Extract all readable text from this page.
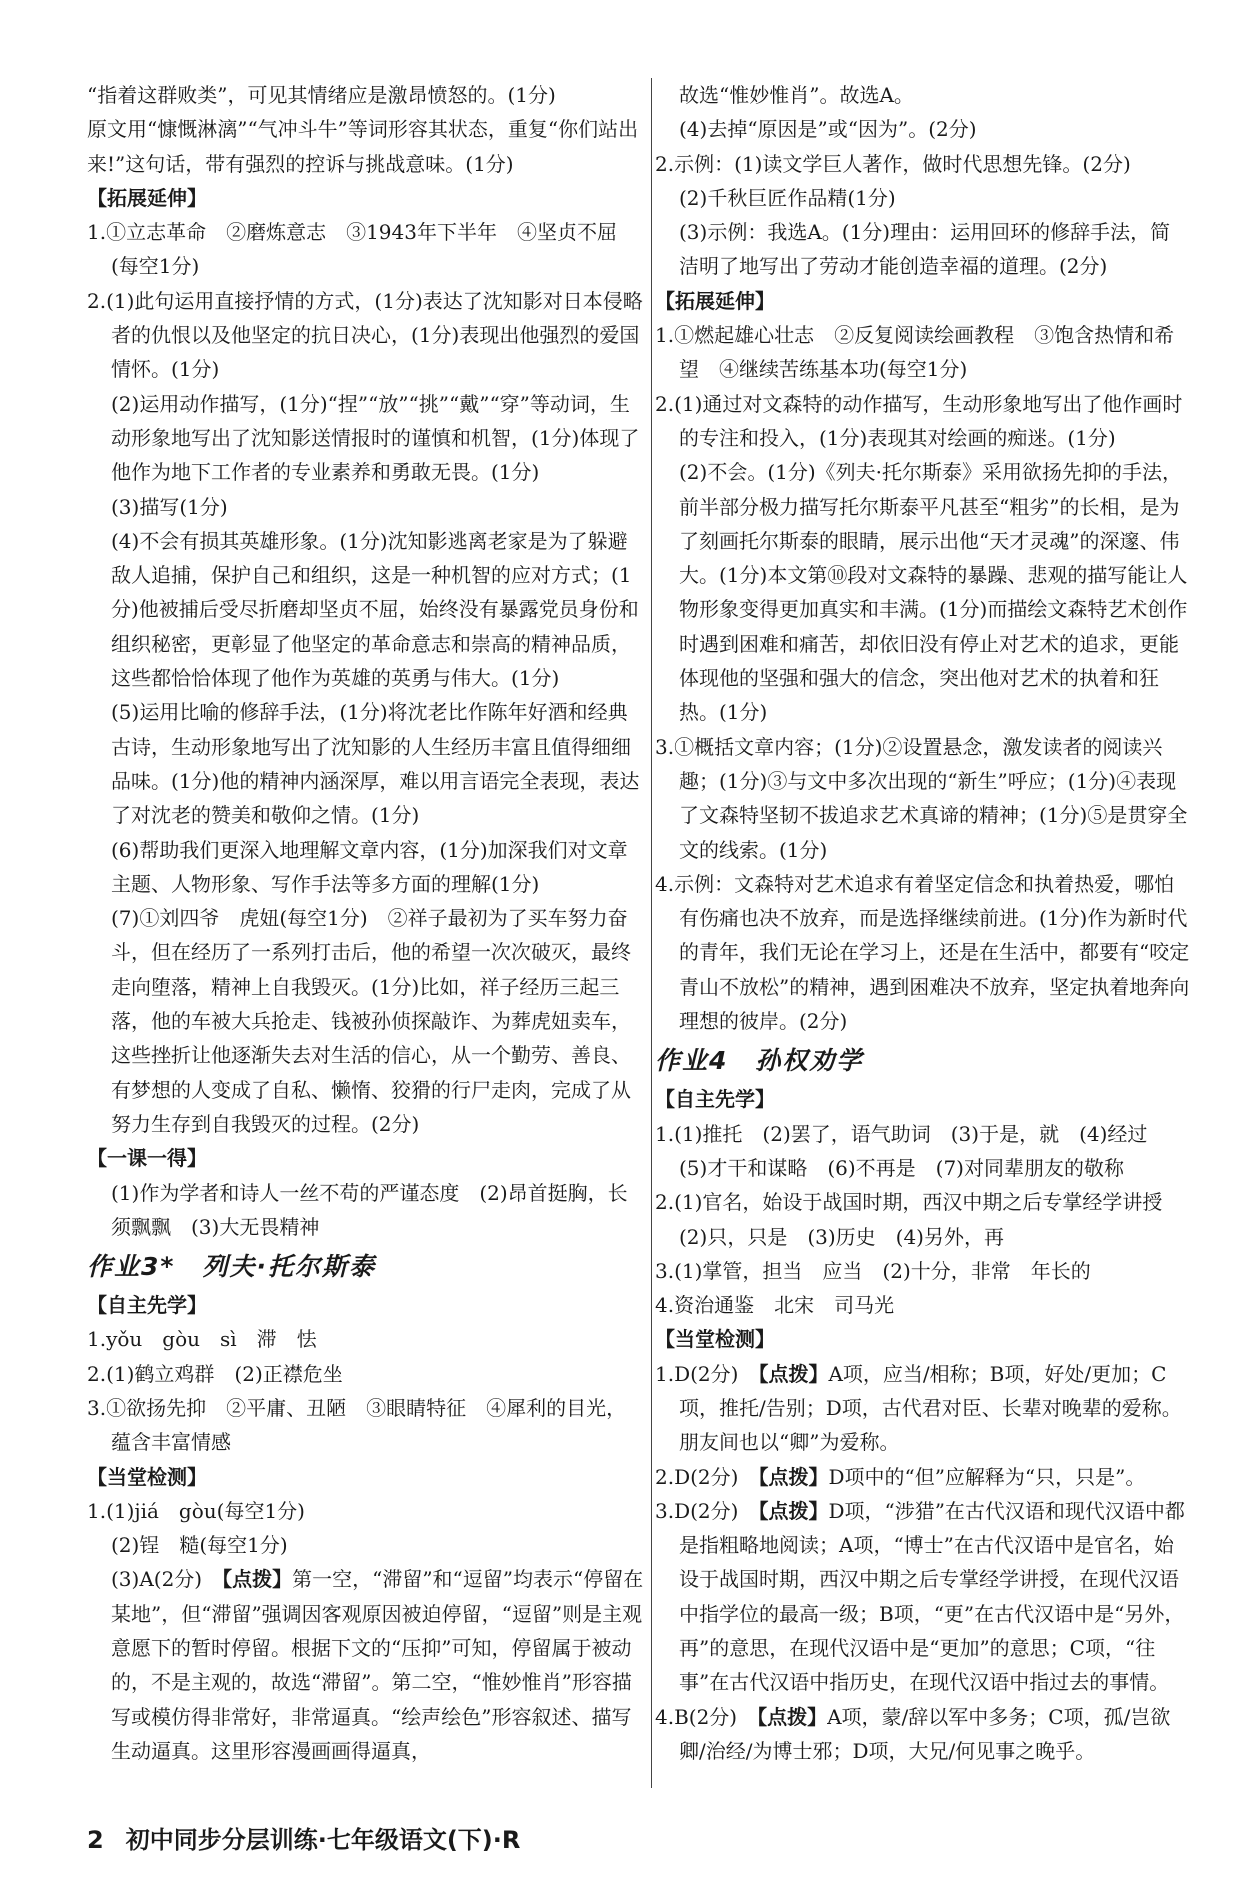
“指着这群败类”，可见其情绪应是激昂愤怒的。(1分)
原文用“慷慨淋漓”“气冲斗牛”等词形容其状态，重复“你们站出来!”这句话，带有强烈的控诉与挑战意味。(1分)
【拓展延伸】
1.①立志革命　②磨炼意志　③1943年下半年　④坚贞不屈(每空1分)
2.(1)此句运用直接抒情的方式，(1分)表达了沈知影对日本侵略者的仇恨以及他坚定的抗日决心，(1分)表现出他强烈的爱国情怀。(1分)
(2)运用动作描写，(1分)“捏”“放”“挑”“戴”“穿”等动词，生动形象地写出了沈知影送情报时的谨慎和机智，(1分)体现了他作为地下工作者的专业素养和勇敢无畏。(1分)
(3)描写(1分)
(4)不会有损其英雄形象。(1分)沈知影逃离老家是为了躲避敌人追捕，保护自己和组织，这是一种机智的应对方式；(1分)他被捕后受尽折磨却坚贞不屈，始终没有暴露党员身份和组织秘密，更彰显了他坚定的革命意志和崇高的精神品质，这些都恰恰体现了他作为英雄的英勇与伟大。(1分)
(5)运用比喻的修辞手法，(1分)将沈老比作陈年好酒和经典古诗，生动形象地写出了沈知影的人生经历丰富且值得细细品味。(1分)他的精神内涵深厚，难以用言语完全表现，表达了对沈老的赞美和敬仰之情。(1分)
(6)帮助我们更深入地理解文章内容，(1分)加深我们对文章主题、人物形象、写作手法等多方面的理解(1分)
(7)①刘四爷　虎妞(每空1分)　②祥子最初为了买车努力奋斗，但在经历了一系列打击后，他的希望一次次破灭，最终走向堕落，精神上自我毁灭。(1分)比如，祥子经历三起三落，他的车被大兵抢走、钱被孙侦探敲诈、为葬虎妞卖车，这些挫折让他逐渐失去对生活的信心，从一个勤劳、善良、有梦想的人变成了自私、懒惰、狡猾的行尸走肉，完成了从努力生存到自我毁灭的过程。(2分)
【一课一得】
(1)作为学者和诗人一丝不苟的严谨态度　(2)昂首挺胸，长须飘飘　(3)大无畏精神
作业3*　列夫·托尔斯泰
【自主先学】
1.yǒu　gòu　sì　滞　怯
2.(1)鹤立鸡群　(2)正襟危坐
3.①欲扬先抑　②平庸、丑陋　③眼睛特征　④犀利的目光，蕴含丰富情感
【当堂检测】
1.(1)jiá　gòu(每空1分)
(2)锃　糙(每空1分)
(3)A(2分)　【点拨】第一空，“滞留”和“逗留”均表示“停留在某地”，但“滞留”强调因客观原因被迫停留，“逗留”则是主观意愿下的暂时停留。根据下文的“压抑”可知，停留属于被动的，不是主观的，故选“滞留”。第二空，“惟妙惟肖”形容描写或模仿得非常好，非常逼真。“绘声绘色”形容叙述、描写生动逼真。这里形容漫画画得逼真，
故选“惟妙惟肖”。故选A。
(4)去掉“原因是”或“因为”。(2分)
2.示例：(1)读文学巨人著作，做时代思想先锋。(2分)
(2)千秋巨匠作品精(1分)
(3)示例：我选A。(1分)理由：运用回环的修辞手法，简洁明了地写出了劳动才能创造幸福的道理。(2分)
【拓展延伸】
1.①燃起雄心壮志　②反复阅读绘画教程　③饱含热情和希望　④继续苦练基本功(每空1分)
2.(1)通过对文森特的动作描写，生动形象地写出了他作画时的专注和投入，(1分)表现其对绘画的痴迷。(1分)
(2)不会。(1分)《列夫·托尔斯泰》采用欲扬先抑的手法，前半部分极力描写托尔斯泰平凡甚至“粗劣”的长相，是为了刻画托尔斯泰的眼睛，展示出他“天才灵魂”的深邃、伟大。(1分)本文第⑩段对文森特的暴躁、悲观的描写能让人物形象变得更加真实和丰满。(1分)而描绘文森特艺术创作时遇到困难和痛苦，却依旧没有停止对艺术的追求，更能体现他的坚强和强大的信念，突出他对艺术的执着和狂热。(1分)
3.①概括文章内容；(1分)②设置悬念，激发读者的阅读兴趣；(1分)③与文中多次出现的“新生”呼应；(1分)④表现了文森特坚韧不拔追求艺术真谛的精神；(1分)⑤是贯穿全文的线索。(1分)
4.示例：文森特对艺术追求有着坚定信念和执着热爱，哪怕有伤痛也决不放弃，而是选择继续前进。(1分)作为新时代的青年，我们无论在学习上，还是在生活中，都要有“咬定青山不放松”的精神，遇到困难决不放弃，坚定执着地奔向理想的彼岸。(2分)
作业4　孙权劝学
【自主先学】
1.(1)推托　(2)罢了，语气助词　(3)于是，就　(4)经过　(5)才干和谋略　(6)不再是　(7)对同辈朋友的敬称
2.(1)官名，始设于战国时期，西汉中期之后专掌经学讲授　(2)只，只是　(3)历史　(4)另外，再
3.(1)掌管，担当　应当　(2)十分，非常　年长的
4.资治通鉴　北宋　司马光
【当堂检测】
1.D(2分)　【点拨】A项，应当/相称；B项，好处/更加；C项，推托/告别；D项，古代君对臣、长辈对晚辈的爱称。朋友间也以“卿”为爱称。
2.D(2分)　【点拨】D项中的“但”应解释为“只，只是”。
3.D(2分)　【点拨】D项，“涉猎”在古代汉语和现代汉语中都是指粗略地阅读；A项，“博士”在古代汉语中是官名，始设于战国时期，西汉中期之后专掌经学讲授，在现代汉语中指学位的最高一级；B项，“更”在古代汉语中是“另外，再”的意思，在现代汉语中是“更加”的意思；C项，“往事”在古代汉语中指历史，在现代汉语中指过去的事情。
4.B(2分)　【点拨】A项，蒙/辞以军中多务；C项，孤/岂欲卿/治经/为博士邪；D项，大兄/何见事之晚乎。
2 初中同步分层训练·七年级语文(下)·R
